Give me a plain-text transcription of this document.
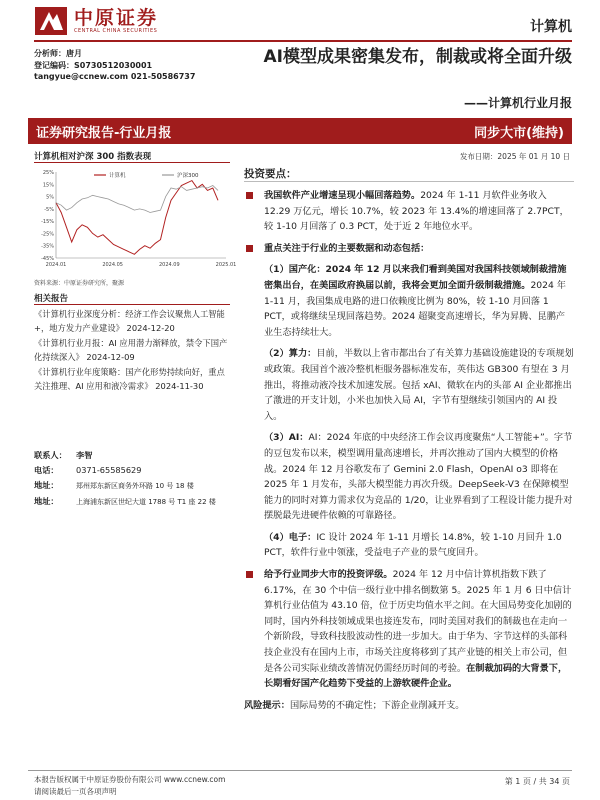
中原证券
CENTRAL CHINA SECURITIES	计算机
分析师：唐月
登记编码：S0730512030001
tangyue@ccnew.com 021-50586737
AI模型成果密集发布，制裁或将全面升级
——计算机行业月报
证券研究报告-行业月报	同步大市(维持)
计算机相对沪深 300 指数表现	发布日期：2025 年 01 月 10 日
25%
15%
5%
-5%
-15%
-25%
-35%
-45%
2024.01	2024.05	2024.09	2025.01
计算机	沪深300
资料来源：中原证券研究所，聚源
相关报告

《计算机行业深度分析：经济工作会议聚焦人工智能+，地方发力产业建设》 2024-12-20

《计算机行业月报：AI 应用潜力渐释放，禁令下国产化持续深入》 2024-12-09

《计算机行业年度策略：国产化形势持续向好，重点关注推理、AI 应用和液冷需求》 2024-11-30

联系人： 李智
电话： 0371-65585629
地址： 郑州郑东新区商务外环路 10 号 18 楼
地址： 上海浦东新区世纪大道 1788 号 T1 座 22 楼
投资要点：
我国软件产业增速呈现小幅回落趋势。2024 年 1-11 月软件业务收入 12.29 万亿元，增长 10.7%，较 2023 年 13.4%的增速回落了 2.7PCT，较 1-10 月回落了 0.3 PCT，处于近 2 年地位水平。
重点关注于行业的主要数据和动态包括：
（1）国产化：2024 年 12 月以来我们看到美国对我国科技领域制裁措施密集出台，在美国政府换届以前，我将会更加全面升级制裁措施。2024 年 1-11 月，我国集成电路的进口依赖度比例为 80%，较 1-10 月回落 1 PCT，或将继续呈现回落趋势。2024 超聚变高速增长，华为昇腾、昆鹏产业生态持续壮大。
（2）算力：目前，半数以上省市都出台了有关算力基础设施建设的专项规划或政策。我国首个液冷整机柜服务器标准发布，英伟达 GB300 有望在 3 月推出，将推动液冷技术加速发展。包括 xAI、微软在内的头部 AI 企业都推出了激进的开支计划，小米也加快入局 AI，字节有望继续引领国内的 AI 投入。
（3）AI：AI：2024 年底的中央经济工作会议再度聚焦“人工智能+”。字节的豆包发布以来，模型调用量高速增长，并再次推动了国内大模型的价格战。2024 年 12 月谷歌发布了 Gemini 2.0 Flash，OpenAI o3 即将在 2025 年 1 月发布，头部大模型能力再次升级。DeepSeek-V3 在保障模型能力的同时对算力需求仅为竞品的 1/20，让业界看到了工程设计能力提升对摆脱最先进硬件依赖的可靠路径。
（4）电子：IC 设计 2024 年 1-11 月增长 14.8%，较 1-10 月回升 1.0 PCT，软件行业中领涨，受益电子产业的景气度回升。
给予行业同步大市的投资评级。2024 年 12 月中信计算机指数下跌了 6.17%，在 30 个中信一级行业中排名倒数第 5。2025 年 1 月 6 日中信计算机行业估值为 43.10 倍，位于历史均值水平之间。在大国局势变化加剧的同时，国内外科技领域成果也接连发布，同时美国对我们的制裁也在走向一个新阶段，导致科技股波动性的进一步加大。由于华为、字节这样的头部科技企业没有在国内上市，市场关注度将移到了其产业链的相关上市公司，但是各公司实际业绩改善情况仍需经历时间的考验。在制裁加码的大背景下，长期看好国产化趋势下受益的上游软硬件企业。
风险提示：国际局势的不确定性；下游企业削减开支。
本报告版权属于中原证券股份有限公司 www.ccnew.com
请阅读最后一页各项声明
第 1 页 / 共 34 页
